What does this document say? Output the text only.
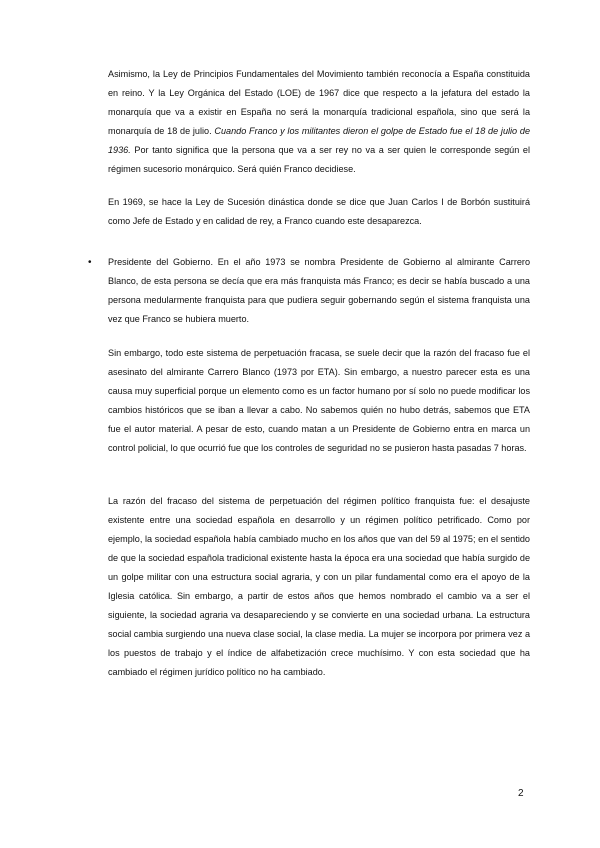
Asimismo, la Ley de Principios Fundamentales del Movimiento también reconocía a España constituida en reino. Y la Ley Orgánica del Estado (LOE) de 1967 dice que respecto a la jefatura del estado la monarquía que va a existir en España no será la monarquía tradicional española, sino que será la monarquía de 18 de julio. Cuando Franco y los militantes dieron el golpe de Estado fue el 18 de julio de 1936. Por tanto significa que la persona que va a ser rey no va a ser quien le corresponde según el régimen sucesorio monárquico. Será quién Franco decidiese.

En 1969, se hace la Ley de Sucesión dinástica donde se dice que Juan Carlos I de Borbón sustituirá como Jefe de Estado y en calidad de rey, a Franco cuando este desaparezca.

• Presidente del Gobierno. En el año 1973 se nombra Presidente de Gobierno al almirante Carrero Blanco, de esta persona se decía que era más franquista más Franco; es decir se había buscado a una persona medularmente franquista para que pudiera seguir gobernando según el sistema franquista una vez que Franco se hubiera muerto.

Sin embargo, todo este sistema de perpetuación fracasa, se suele decir que la razón del fracaso fue el asesinato del almirante Carrero Blanco (1973 por ETA). Sin embargo, a nuestro parecer esta es una causa muy superficial porque un elemento como es un factor humano por sí solo no puede modificar los cambios históricos que se iban a llevar a cabo. No sabemos quién no hubo detrás, sabemos que ETA fue el autor material. A pesar de esto, cuando matan a un Presidente de Gobierno entra en marca un control policial, lo que ocurrió fue que los controles de seguridad no se pusieron hasta pasadas 7 horas.

La razón del fracaso del sistema de perpetuación del régimen político franquista fue: el desajuste existente entre una sociedad española en desarrollo y un régimen político petrificado. Como por ejemplo, la sociedad española había cambiado mucho en los años que van del 59 al 1975; en el sentido de que la sociedad española tradicional existente hasta la época era una sociedad que había surgido de un golpe militar con una estructura social agraria, y con un pilar fundamental como era el apoyo de la Iglesia católica. Sin embargo, a partir de estos años que hemos nombrado el cambio va a ser el siguiente, la sociedad agraria va desapareciendo y se convierte en una sociedad urbana. La estructura social cambia surgiendo una nueva clase social, la clase media. La mujer se incorpora por primera vez a los puestos de trabajo y el índice de alfabetización crece muchísimo. Y con esta sociedad que ha cambiado el régimen jurídico político no ha cambiado.

2
